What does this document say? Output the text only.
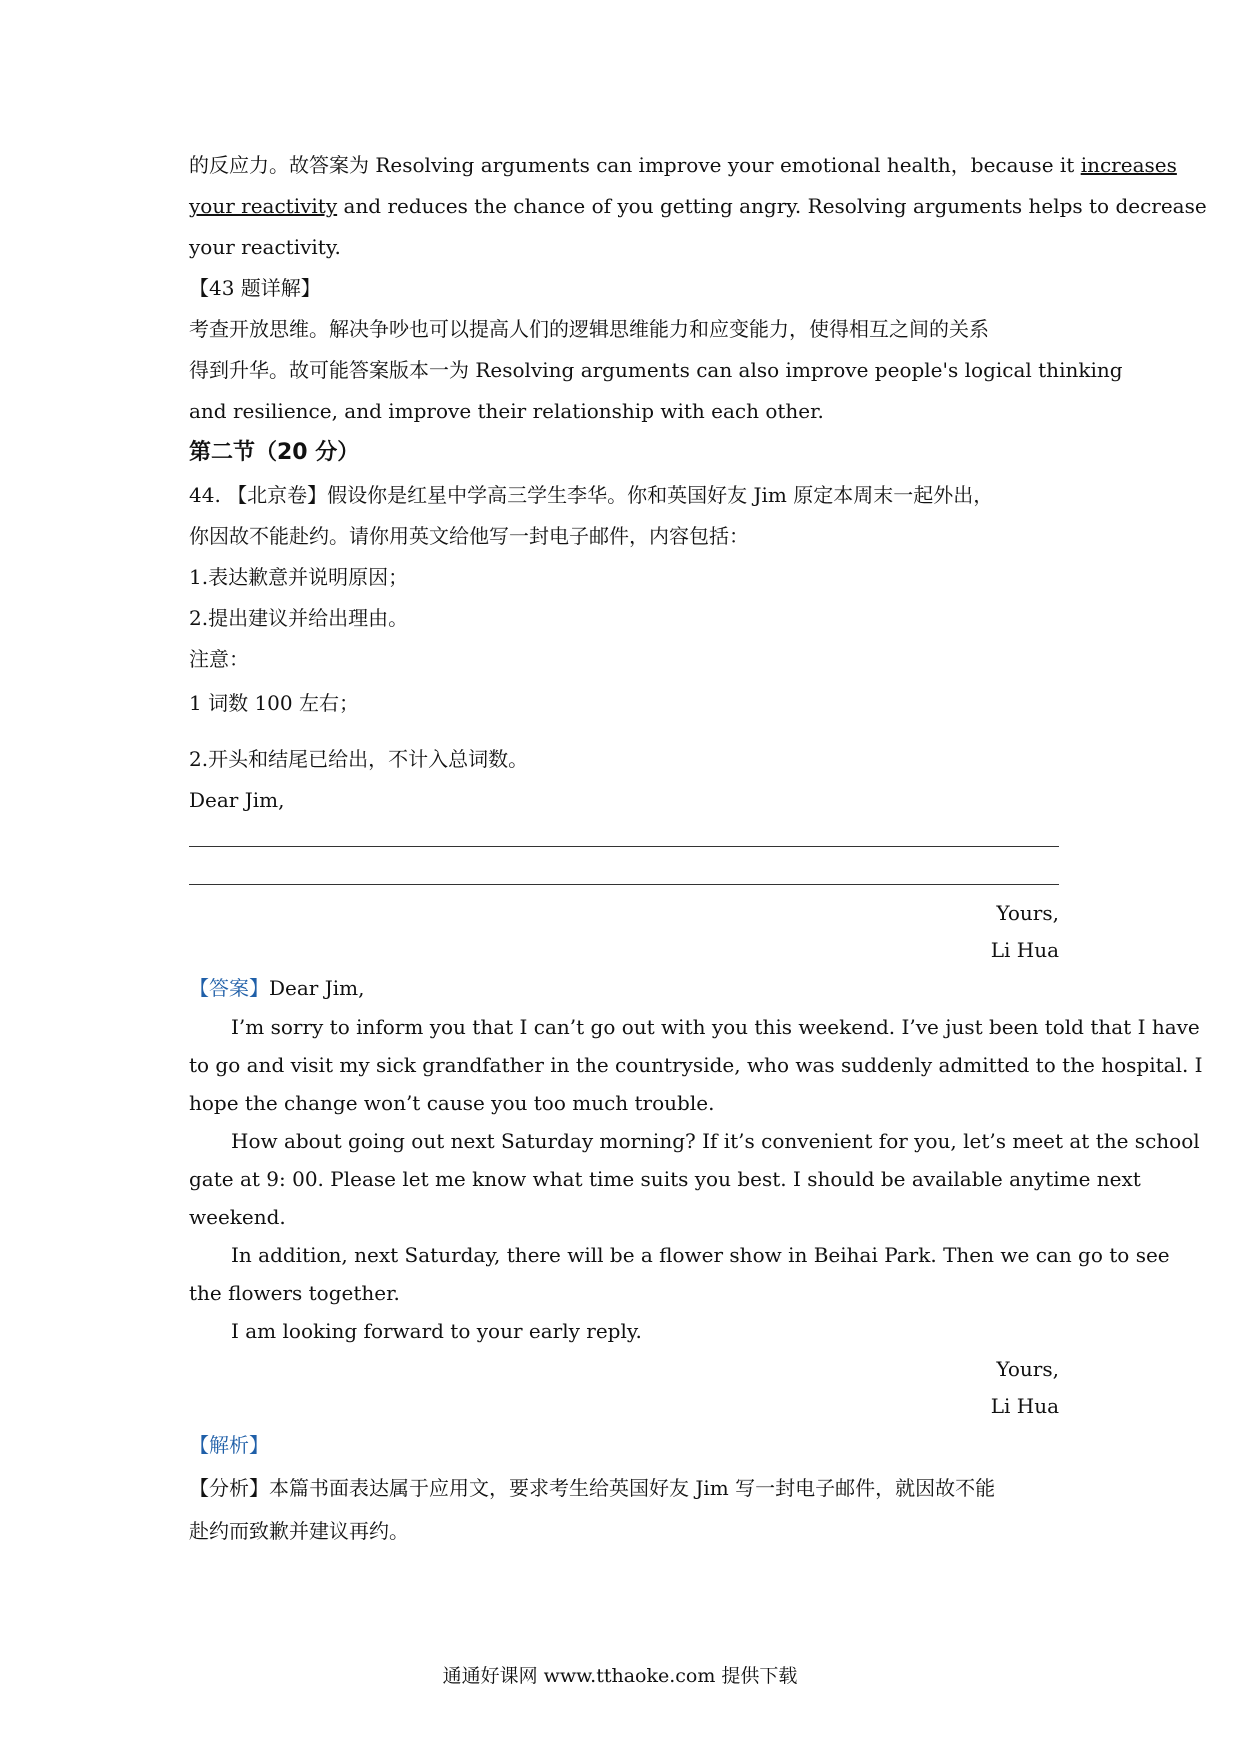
的反应力。故答案为 Resolving arguments can improve your emotional health，because it increases
your reactivity and reduces the chance of you getting angry. Resolving arguments helps to decrease
your reactivity.
【43 题详解】
考查开放思维。解决争吵也可以提高人们的逻辑思维能力和应变能力，使得相互之间的关系
得到升华。故可能答案版本一为 Resolving arguments can also improve people's logical thinking
and resilience, and improve their relationship with each other.
第二节（20 分）
44. 【北京卷】假设你是红星中学高三学生李华。你和英国好友 Jim 原定本周末一起外出，
你因故不能赴约。请你用英文给他写一封电子邮件，内容包括：
1.表达歉意并说明原因；
2.提出建议并给出理由。
注意：
1 词数 100 左右；
2.开头和结尾已给出，不计入总词数。
Dear Jim,
Yours,
Li Hua
【答案】Dear Jim,
I’m sorry to inform you that I can’t go out with you this weekend. I’ve just been told that I have
to go and visit my sick grandfather in the countryside, who was suddenly admitted to the hospital. I
hope the change won’t cause you too much trouble.
How about going out next Saturday morning? If it’s convenient for you, let’s meet at the school
gate at 9: 00. Please let me know what time suits you best. I should be available anytime next
weekend.
In addition, next Saturday, there will be a flower show in Beihai Park. Then we can go to see
the flowers together.
I am looking forward to your early reply.
Yours,
Li Hua
【解析】
【分析】本篇书面表达属于应用文，要求考生给英国好友 Jim 写一封电子邮件，就因故不能
赴约而致歉并建议再约。
通通好课网 www.tthaoke.com 提供下载
